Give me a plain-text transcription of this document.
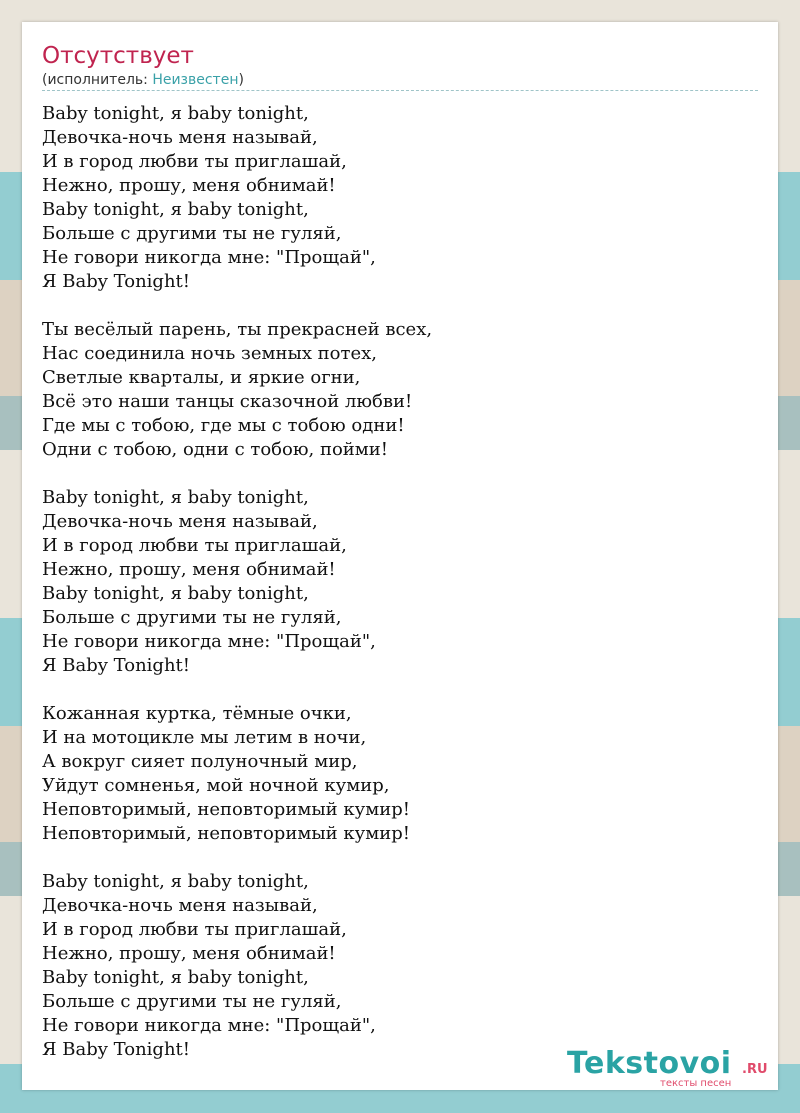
Отсутствует
(исполнитель: Неизвестен)
Baby tonight, я baby tonight,
Девочка-ночь меня называй,
И в город любви ты приглашай,
Нежно, прошу, меня обнимай!
Baby tonight, я baby tonight,
Больше с другими ты не гуляй,
Не говори никогда мне: "Прощай",
Я Baby Tonight!
Ты весёлый парень, ты прекрасней всех,
Нас соединила ночь земных потех,
Светлые кварталы, и яркие огни,
Всё это наши танцы сказочной любви!
Где мы с тобою, где мы с тобою одни!
Одни с тобою, одни с тобою, пойми!
Baby tonight, я baby tonight,
Девочка-ночь меня называй,
И в город любви ты приглашай,
Нежно, прошу, меня обнимай!
Baby tonight, я baby tonight,
Больше с другими ты не гуляй,
Не говори никогда мне: "Прощай",
Я Baby Tonight!
Кожанная куртка, тёмные очки,
И на мотоцикле мы летим в ночи,
А вокруг сияет полуночный мир,
Уйдут сомненья, мой ночной кумир,
Неповторимый, неповторимый кумир!
Неповторимый, неповторимый кумир!
Baby tonight, я baby tonight,
Девочка-ночь меня называй,
И в город любви ты приглашай,
Нежно, прошу, меня обнимай!
Baby tonight, я baby tonight,
Больше с другими ты не гуляй,
Не говори никогда мне: "Прощай",
Я Baby Tonight!	Tekstovoi .RU
тексты песен
